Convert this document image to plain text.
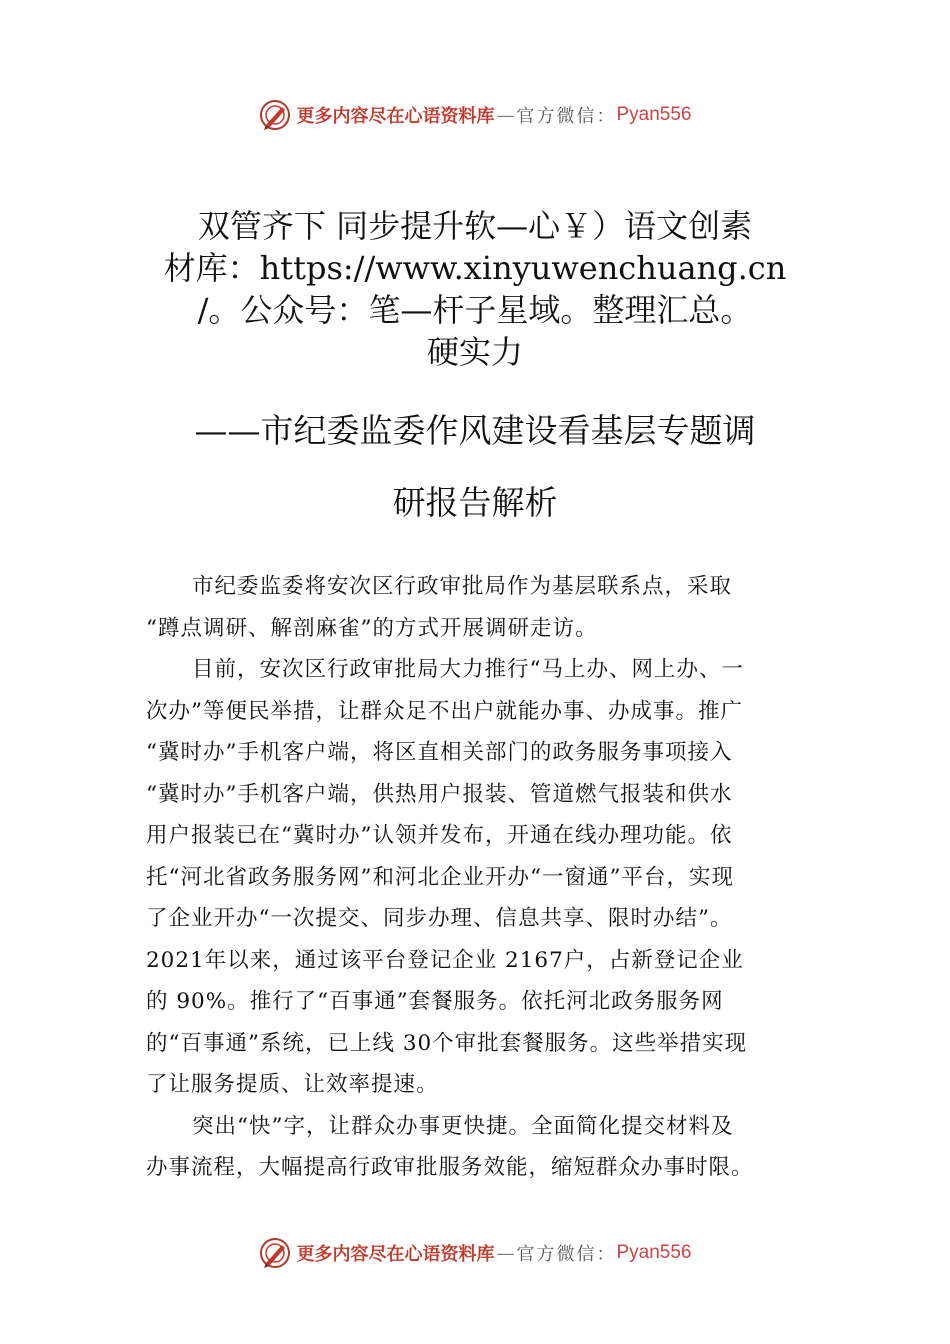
更多内容尽在心语资料库 — 官方微信： Pyan556
双管齐下 同步提升软—心￥）语文创素
材库：https://www.xinyuwenchuang.cn
/。公众号：笔—杆子星域。整理汇总。
硬实力
——市纪委监委作风建设看基层专题调
研报告解析

市纪委监委将安次区行政审批局作为基层联系点，采取
“蹲点调研、解剖麻雀”的方式开展调研走访。

目前，安次区行政审批局大力推行“马上办、网上办、一
次办”等便民举措，让群众足不出户就能办事、办成事。推广
“冀时办”手机客户端，将区直相关部门的政务服务事项接入
“冀时办”手机客户端，供热用户报装、管道燃气报装和供水
用户报装已在“冀时办”认领并发布，开通在线办理功能。依
托“河北省政务服务网”和河北企业开办“一窗通”平台，实现
了企业开办“一次提交、同步办理、信息共享、限时办结”。
2021年以来，通过该平台登记企业 2167户，占新登记企业
的 90%。推行了“百事通”套餐服务。依托河北政务服务网
的“百事通”系统，已上线 30个审批套餐服务。这些举措实现
了让服务提质、让效率提速。

突出“快”字，让群众办事更快捷。全面简化提交材料及
办事流程，大幅提高行政审批服务效能，缩短群众办事时限。

更多内容尽在心语资料库 — 官方微信： Pyan556
